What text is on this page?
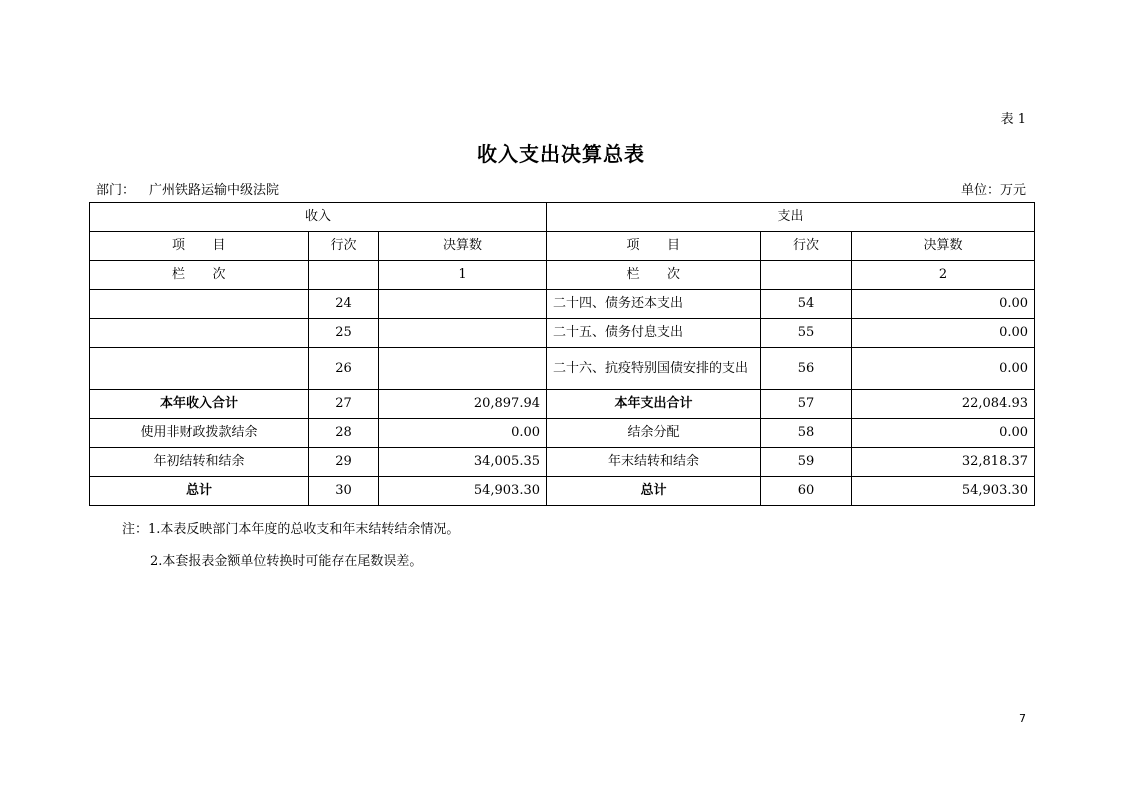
表 1
收入支出决算总表
部门： 广州铁路运输中级法院	单位：万元
收入			支出		
项　　目	行次	决算数	项　　目	行次	决算数
栏　　次		1	栏　　次		2
	24		二十四、债务还本支出	54	0.00
	25		二十五、债务付息支出	55	0.00
	26		二十六、抗疫特别国债安排的支出	56	0.00
本年收入合计	27	20,897.94	本年支出合计	57	22,084.93
使用非财政拨款结余	28	0.00	结余分配	58	0.00
年初结转和结余	29	34,005.35	年末结转和结余	59	32,818.37
总计	30	54,903.30	总计	60	54,903.30
注：1.本表反映部门本年度的总收支和年末结转结余情况。
2.本套报表金额单位转换时可能存在尾数误差。
7
